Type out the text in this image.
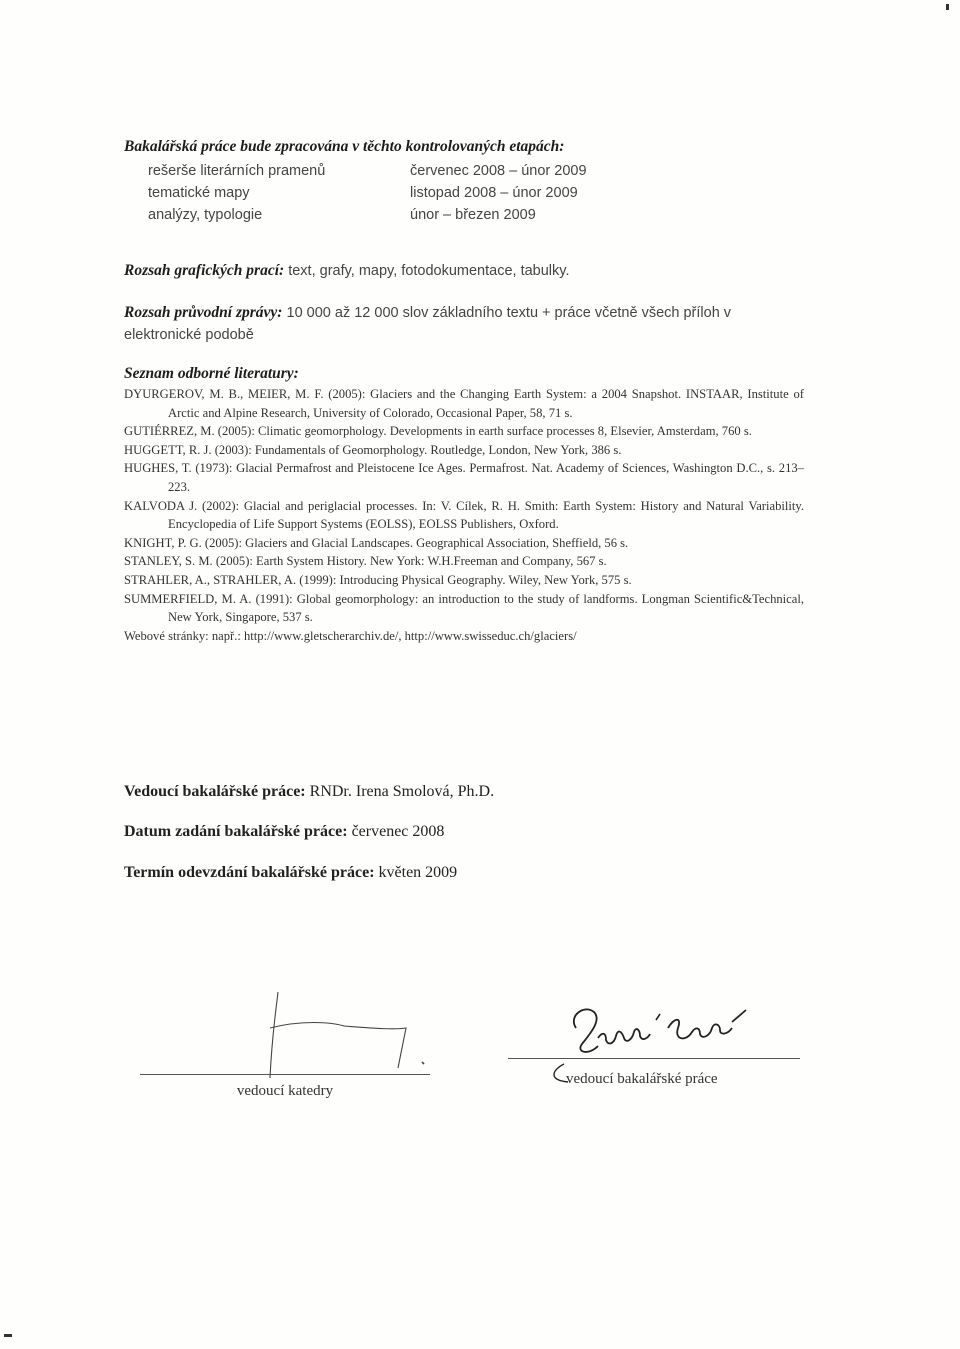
Bakalářská práce bude zpracována v těchto kontrolovaných etapách:
rešerše literárních pramenů	červenec 2008 – únor 2009
tematické mapy	listopad 2008 – únor 2009
analýzy, typologie	únor – březen 2009

Rozsah grafických prací: text, grafy, mapy, fotodokumentace, tabulky.

Rozsah průvodní zprávy: 10 000 až 12 000 slov základního textu + práce včetně všech příloh v elektronické podobě

Seznam odborné literatury:

DYURGEROV, M. B., MEIER, M. F. (2005): Glaciers and the Changing Earth System: a 2004 Snapshot. INSTAAR, Institute of Arctic and Alpine Research, University of Colorado, Occasional Paper, 58, 71 s.

GUTIÉRREZ, M. (2005): Climatic geomorphology. Developments in earth surface processes 8, Elsevier, Amsterdam, 760 s.

HUGGETT, R. J. (2003): Fundamentals of Geomorphology. Routledge, London, New York, 386 s.

HUGHES, T. (1973): Glacial Permafrost and Pleistocene Ice Ages. Permafrost. Nat. Academy of Sciences, Washington D.C., s. 213–223.

KALVODA J. (2002): Glacial and periglacial processes. In: V. Cílek, R. H. Smith: Earth System: History and Natural Variability. Encyclopedia of Life Support Systems (EOLSS), EOLSS Publishers, Oxford.

KNIGHT, P. G. (2005): Glaciers and Glacial Landscapes. Geographical Association, Sheffield, 56 s.

STANLEY, S. M. (2005): Earth System History. New York: W.H.Freeman and Company, 567 s.

STRAHLER, A., STRAHLER, A. (1999): Introducing Physical Geography. Wiley, New York, 575 s.

SUMMERFIELD, M. A. (1991): Global geomorphology: an introduction to the study of landforms. Longman Scientific&Technical, New York, Singapore, 537 s.

Webové stránky: např.: http://www.gletscherarchiv.de/, http://www.swisseduc.ch/glaciers/

Vedoucí bakalářské práce: RNDr. Irena Smolová, Ph.D.
Datum zadání bakalářské práce: červenec 2008
Termín odevzdání bakalářské práce: květen 2009
vedoucí katedry
vedoucí bakalářské práce
